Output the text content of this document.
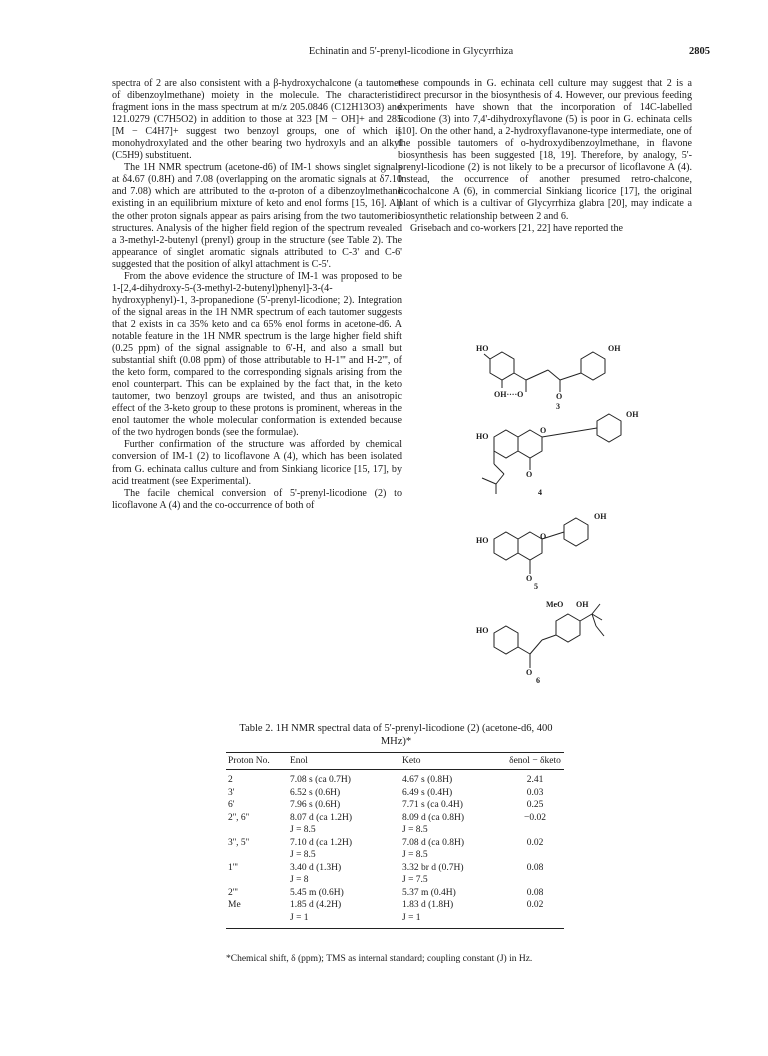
Echinatin and 5'-prenyl-licodione in Glycyrrhiza	2805

spectra of 2 are also consistent with a β-hydroxychalcone (a tautomer of dibenzoylmethane) moiety in the molecule. The characteristic fragment ions in the mass spectrum at m/z 205.0846 (C12H13O3) and 121.0279 (C7H5O2) in addition to those at 323 [M − OH]+ and 285 [M − C4H7]+ suggest two benzoyl groups, one of which is monohydroxylated and the other bearing two hydroxyls and an alkyl (C5H9) substituent.

The 1H NMR spectrum (acetone-d6) of IM-1 shows singlet signals at δ4.67 (0.8H) and 7.08 (overlapping on the aromatic signals at δ7.10 and 7.08) which are attributed to the α-proton of a dibenzoylmethane existing in an equilibrium mixture of keto and enol forms [15, 16]. All the other proton signals appear as pairs arising from the two tautomeric structures. Analysis of the higher field region of the spectrum revealed a 3-methyl-2-butenyl (prenyl) group in the structure (see Table 2). The appearance of singlet aromatic signals attributed to C-3' and C-6' suggested that the position of alkyl attachment is C-5'.

From the above evidence the structure of IM-1 was proposed to be 1-[2,4-dihydroxy-5-(3-methyl-2-butenyl)phenyl]-3-(4-hydroxyphenyl)-1, 3-propanedione (5'-prenyl-licodione; 2). Integration of the signal areas in the 1H NMR spectrum of each tautomer suggests that 2 exists in ca 35% keto and ca 65% enol forms in acetone-d6. A notable feature in the 1H NMR spectrum is the large higher field shift (0.25 ppm) of the signal assignable to 6'-H, and also a small but substantial shift (0.08 ppm) of those attributable to H-1''' and H-2''', of the keto form, compared to the corresponding signals arising from the enol counterpart. This can be explained by the fact that, in the keto tautomer, two benzoyl groups are twisted, and thus an anisotropic effect of the 3-keto group to these protons is prominent, whereas in the enol tautomer the whole molecular conformation is extended because of the two hydrogen bonds (see the formulae).

Further confirmation of the structure was afforded by chemical conversion of IM-1 (2) to licoflavone A (4), which has been isolated from G. echinata callus culture and from Sinkiang licorice [15, 17], by acid treatment (see Experimental).

The facile chemical conversion of 5'-prenyl-licodione (2) to licoflavone A (4) and the co-occurrence of both of

these compounds in G. echinata cell culture may suggest that 2 is a direct precursor in the biosynthesis of 4. However, our previous feeding experiments have shown that the incorporation of 14C-labelled licodione (3) into 7,4'-dihydroxyflavone (5) is poor in G. echinata cells [10]. On the other hand, a 2-hydroxyflavanone-type intermediate, one of the possible tautomers of o-hydroxydibenzoylmethane, in flavone biosynthesis has been suggested [18, 19]. Therefore, by analogy, 5'-prenyl-licodione (2) is not likely to be a precursor of licoflavone A (4). Instead, the occurrence of another presumed retro-chalcone, licochalcone A (6), in commercial Sinkiang licorice [17], the original plant of which is a cultivar of Glycyrrhiza glabra [20], may indicate a biosynthetic relationship between 2 and 6.

Grisebach and co-workers [21, 22] have reported the

HO	OH
OH····O	O
3
HO
OH
O
O
4
HO
OH
O
O
5
MeO OH
HO
O
6
Table 2. 1H NMR spectral data of 5'-prenyl-licodione (2) (acetone-d6, 400 MHz)*
Proton No.	Enol	Keto	δenol − δketo
2	7.08 s (ca 0.7H)	4.67 s (0.8H)	2.41
3'	6.52 s (0.6H)	6.49 s (0.4H)	0.03
6'	7.96 s (0.6H)	7.71 s (ca 0.4H)	0.25
2'', 6''	8.07 d (ca 1.2H)	8.09 d (ca 0.8H)	−0.02
	J = 8.5	J = 8.5	
3'', 5''	7.10 d (ca 1.2H)	7.08 d (ca 0.8H)	0.02
	J = 8.5	J = 8.5	
1'''	3.40 d (1.3H)	3.32 br d (0.7H)	0.08
	J = 8	J = 7.5	
2'''	5.45 m (0.6H)	5.37 m (0.4H)	0.08
Me	1.85 d (4.2H)	1.83 d (1.8H)	0.02
	J = 1	J = 1	
*Chemical shift, δ (ppm); TMS as internal standard; coupling constant (J) in Hz.
